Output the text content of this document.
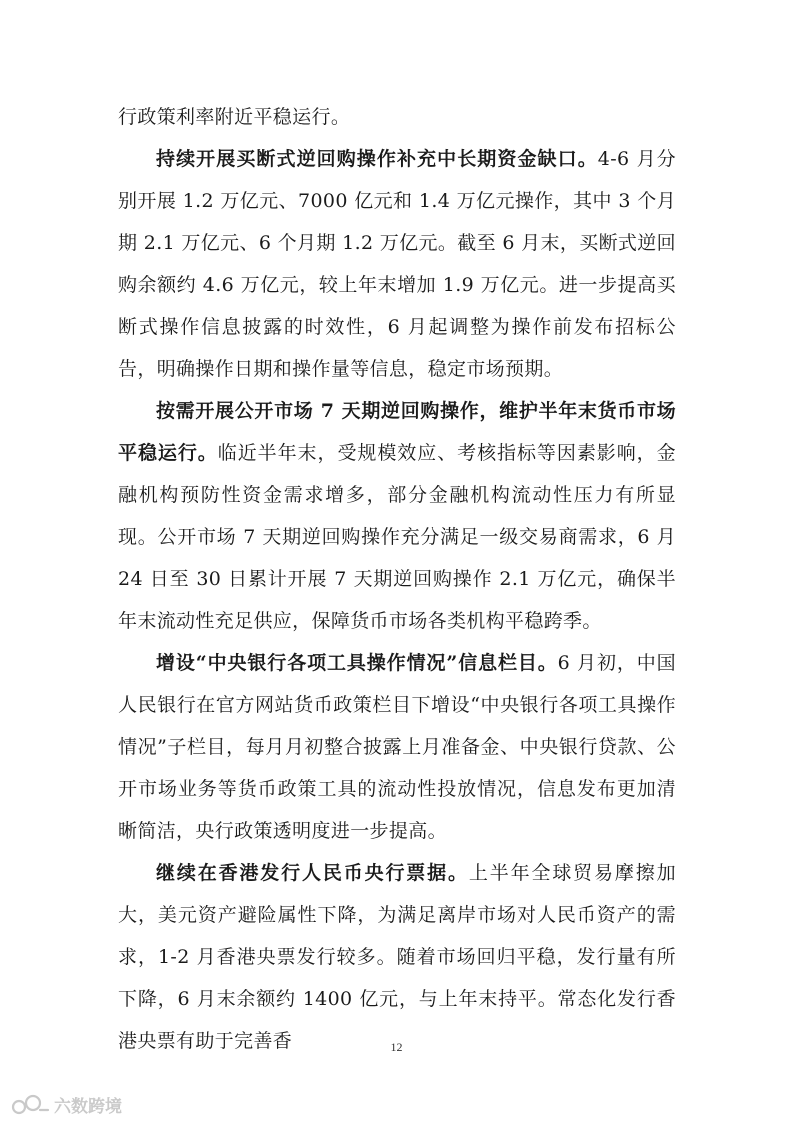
行政策利率附近平稳运行。

持续开展买断式逆回购操作补充中长期资金缺口。4-6 月分别开展 1.2 万亿元、7000 亿元和 1.4 万亿元操作，其中 3 个月期 2.1 万亿元、6 个月期 1.2 万亿元。截至 6 月末，买断式逆回购余额约 4.6 万亿元，较上年末增加 1.9 万亿元。进一步提高买断式操作信息披露的时效性，6 月起调整为操作前发布招标公告，明确操作日期和操作量等信息，稳定市场预期。

按需开展公开市场 7 天期逆回购操作，维护半年末货币市场平稳运行。临近半年末，受规模效应、考核指标等因素影响，金融机构预防性资金需求增多，部分金融机构流动性压力有所显现。公开市场 7 天期逆回购操作充分满足一级交易商需求，6 月 24 日至 30 日累计开展 7 天期逆回购操作 2.1 万亿元，确保半年末流动性充足供应，保障货币市场各类机构平稳跨季。

增设“中央银行各项工具操作情况”信息栏目。6 月初，中国人民银行在官方网站货币政策栏目下增设“中央银行各项工具操作情况”子栏目，每月月初整合披露上月准备金、中央银行贷款、公开市场业务等货币政策工具的流动性投放情况，信息发布更加清晰简洁，央行政策透明度进一步提高。

继续在香港发行人民币央行票据。上半年全球贸易摩擦加大，美元资产避险属性下降，为满足离岸市场对人民币资产的需求，1-2 月香港央票发行较多。随着市场回归平稳，发行量有所下降，6 月末余额约 1400 亿元，与上年末持平。常态化发行香港央票有助于完善香	12
六数跨境
